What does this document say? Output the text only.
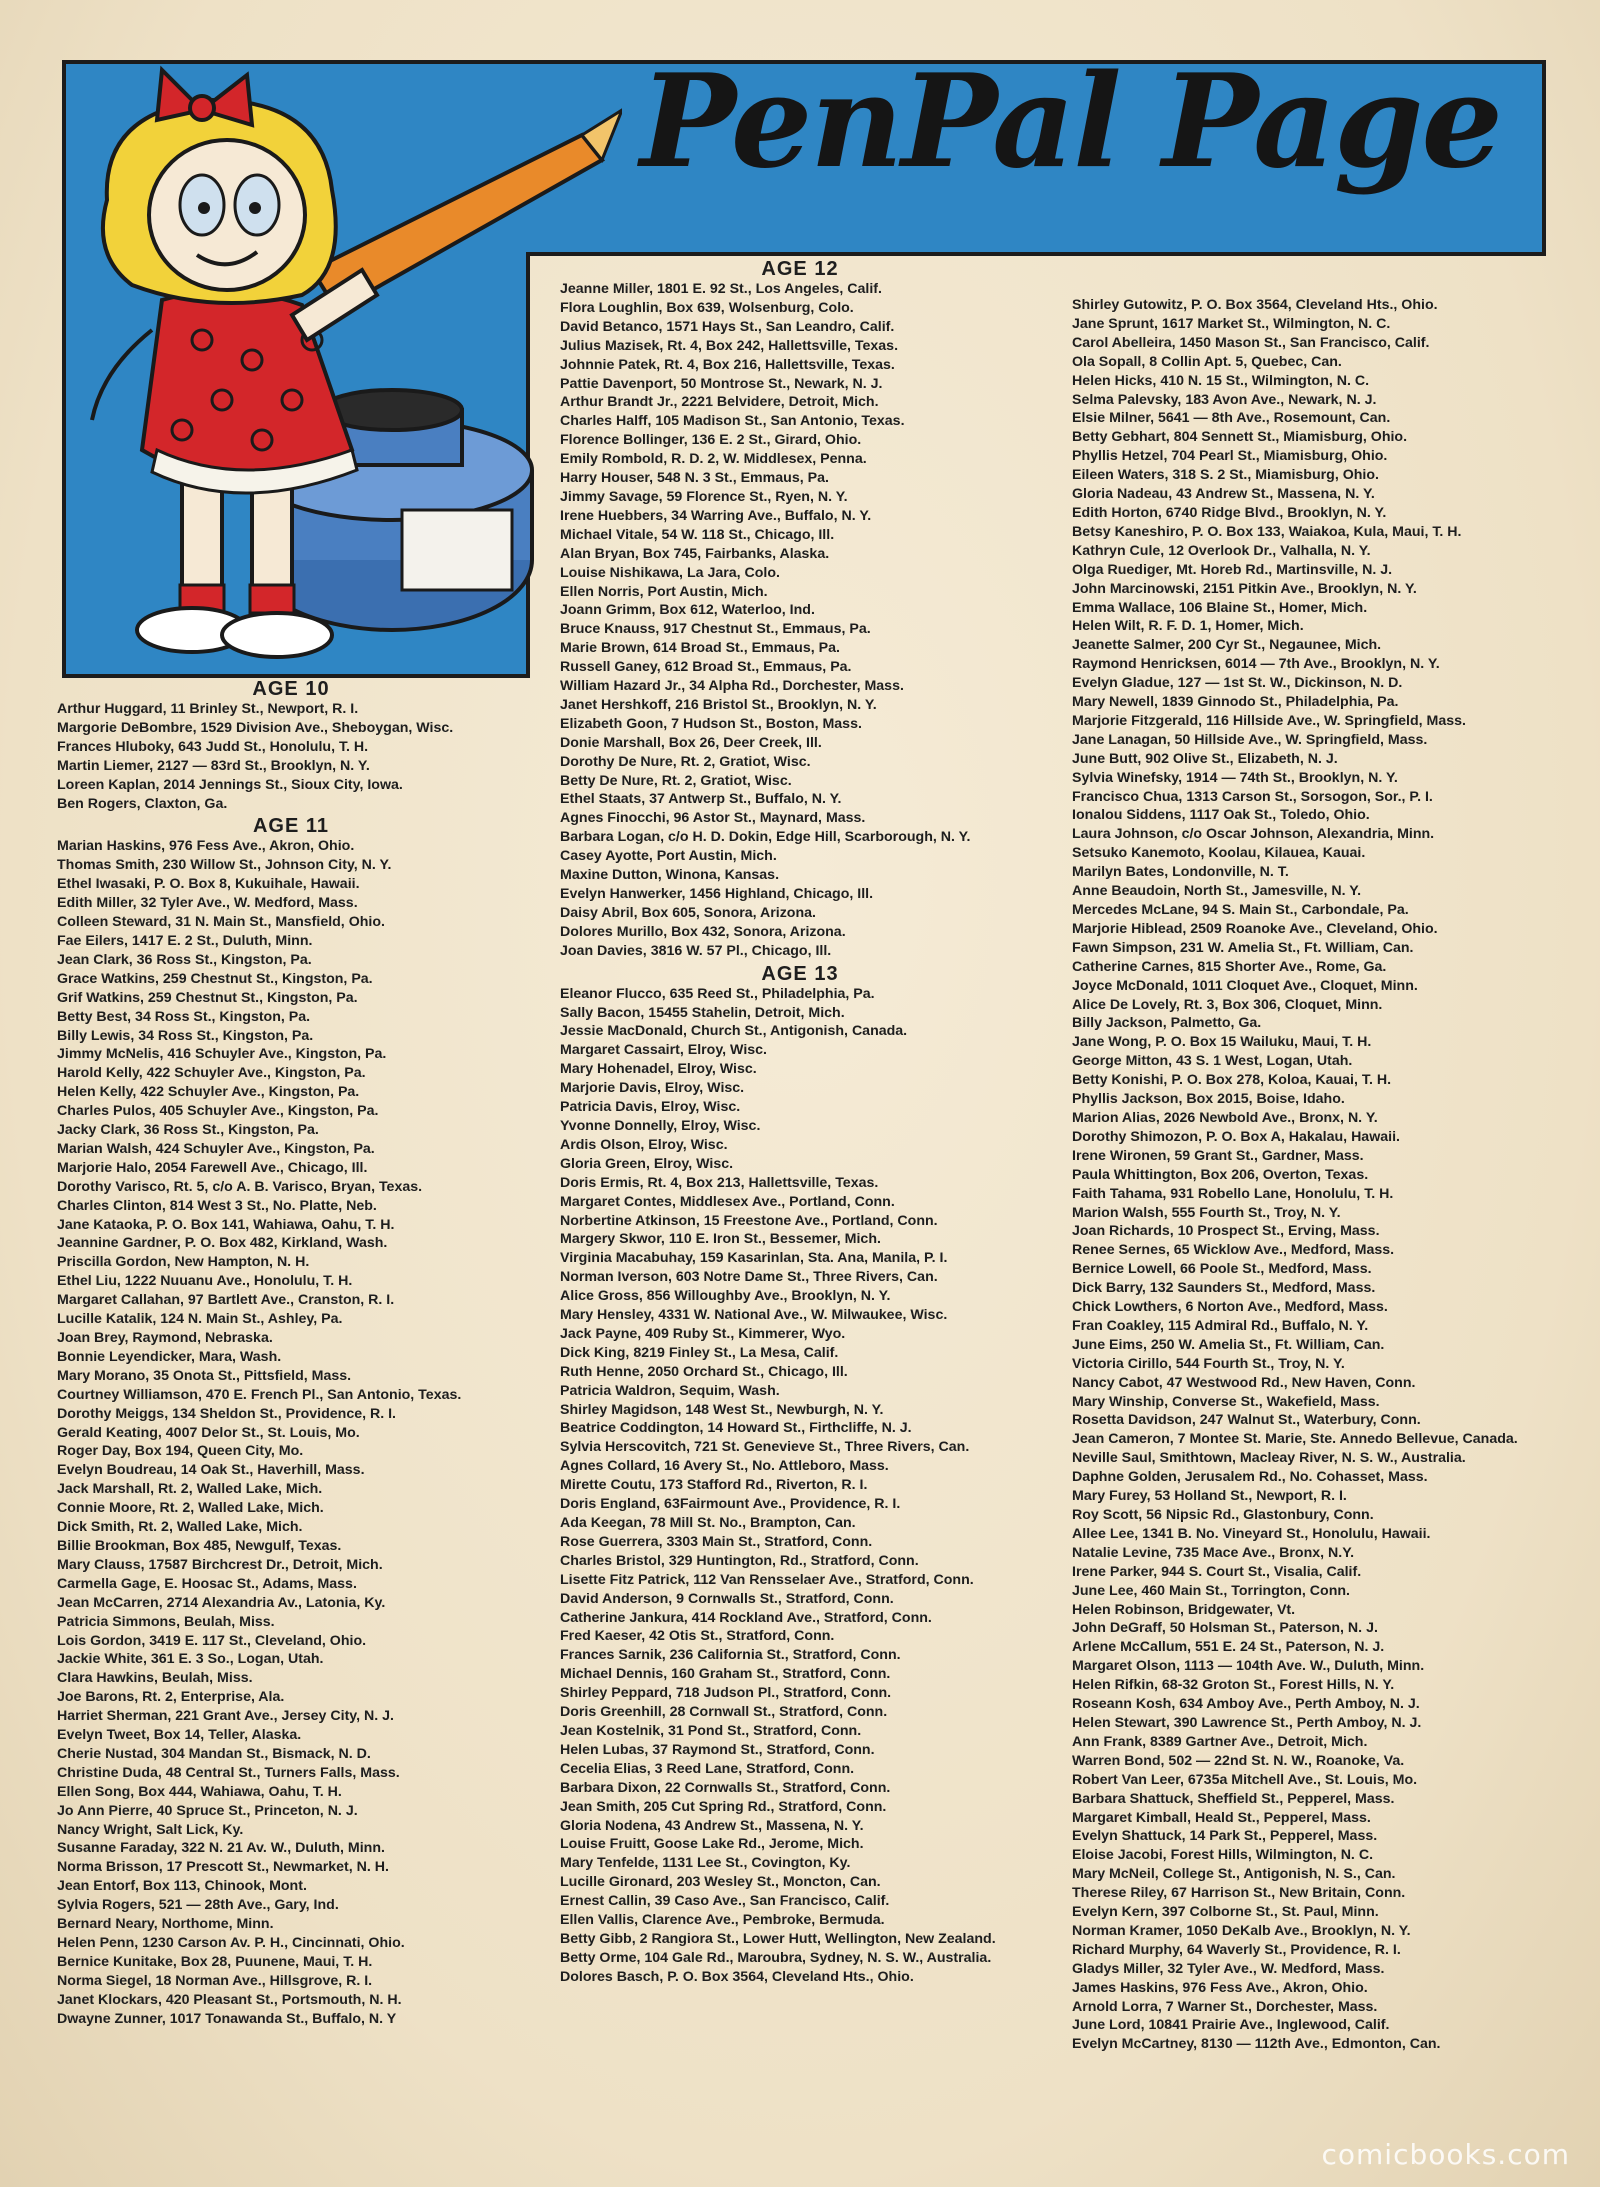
PenPal Page
AGE 10
Arthur Huggard, 11 Brinley St., Newport, R. I.
Margorie DeBombre, 1529 Division Ave., Sheboygan, Wisc.
Frances Hluboky, 643 Judd St., Honolulu, T. H.
Martin Liemer, 2127 — 83rd St., Brooklyn, N. Y.
Loreen Kaplan, 2014 Jennings St., Sioux City, Iowa.
Ben Rogers, Claxton, Ga.
AGE 11
Marian Haskins, 976 Fess Ave., Akron, Ohio.
Thomas Smith, 230 Willow St., Johnson City, N. Y.
Ethel Iwasaki, P. O. Box 8, Kukuihale, Hawaii.
Edith Miller, 32 Tyler Ave., W. Medford, Mass.
Colleen Steward, 31 N. Main St., Mansfield, Ohio.
Fae Eilers, 1417 E. 2 St., Duluth, Minn.
Jean Clark, 36 Ross St., Kingston, Pa.
Grace Watkins, 259 Chestnut St., Kingston, Pa.
Grif Watkins, 259 Chestnut St., Kingston, Pa.
Betty Best, 34 Ross St., Kingston, Pa.
Billy Lewis, 34 Ross St., Kingston, Pa.
Jimmy McNelis, 416 Schuyler Ave., Kingston, Pa.
Harold Kelly, 422 Schuyler Ave., Kingston, Pa.
Helen Kelly, 422 Schuyler Ave., Kingston, Pa.
Charles Pulos, 405 Schuyler Ave., Kingston, Pa.
Jacky Clark, 36 Ross St., Kingston, Pa.
Marian Walsh, 424 Schuyler Ave., Kingston, Pa.
Marjorie Halo, 2054 Farewell Ave., Chicago, Ill.
Dorothy Varisco, Rt. 5, c/o A. B. Varisco, Bryan, Texas.
Charles Clinton, 814 West 3 St., No. Platte, Neb.
Jane Kataoka, P. O. Box 141, Wahiawa, Oahu, T. H.
Jeannine Gardner, P. O. Box 482, Kirkland, Wash.
Priscilla Gordon, New Hampton, N. H.
Ethel Liu, 1222 Nuuanu Ave., Honolulu, T. H.
Margaret Callahan, 97 Bartlett Ave., Cranston, R. I.
Lucille Katalik, 124 N. Main St., Ashley, Pa.
Joan Brey, Raymond, Nebraska.
Bonnie Leyendicker, Mara, Wash.
Mary Morano, 35 Onota St., Pittsfield, Mass.
Courtney Williamson, 470 E. French Pl., San Antonio, Texas.
Dorothy Meiggs, 134 Sheldon St., Providence, R. I.
Gerald Keating, 4007 Delor St., St. Louis, Mo.
Roger Day, Box 194, Queen City, Mo.
Evelyn Boudreau, 14 Oak St., Haverhill, Mass.
Jack Marshall, Rt. 2, Walled Lake, Mich.
Connie Moore, Rt. 2, Walled Lake, Mich.
Dick Smith, Rt. 2, Walled Lake, Mich.
Billie Brookman, Box 485, Newgulf, Texas.
Mary Clauss, 17587 Birchcrest Dr., Detroit, Mich.
Carmella Gage, E. Hoosac St., Adams, Mass.
Jean McCarren, 2714 Alexandria Av., Latonia, Ky.
Patricia Simmons, Beulah, Miss.
Lois Gordon, 3419 E. 117 St., Cleveland, Ohio.
Jackie White, 361 E. 3 So., Logan, Utah.
Clara Hawkins, Beulah, Miss.
Joe Barons, Rt. 2, Enterprise, Ala.
Harriet Sherman, 221 Grant Ave., Jersey City, N. J.
Evelyn Tweet, Box 14, Teller, Alaska.
Cherie Nustad, 304 Mandan St., Bismack, N. D.
Christine Duda, 48 Central St., Turners Falls, Mass.
Ellen Song, Box 444, Wahiawa, Oahu, T. H.
Jo Ann Pierre, 40 Spruce St., Princeton, N. J.
Nancy Wright, Salt Lick, Ky.
Susanne Faraday, 322 N. 21 Av. W., Duluth, Minn.
Norma Brisson, 17 Prescott St., Newmarket, N. H.
Jean Entorf, Box 113, Chinook, Mont.
Sylvia Rogers, 521 — 28th Ave., Gary, Ind.
Bernard Neary, Northome, Minn.
Helen Penn, 1230 Carson Av. P. H., Cincinnati, Ohio.
Bernice Kunitake, Box 28, Puunene, Maui, T. H.
Norma Siegel, 18 Norman Ave., Hillsgrove, R. I.
Janet Klockars, 420 Pleasant St., Portsmouth, N. H.
Dwayne Zunner, 1017 Tonawanda St., Buffalo, N. Y
AGE 12
Jeanne Miller, 1801 E. 92 St., Los Angeles, Calif.
Flora Loughlin, Box 639, Wolsenburg, Colo.
David Betanco, 1571 Hays St., San Leandro, Calif.
Julius Mazisek, Rt. 4, Box 242, Hallettsville, Texas.
Johnnie Patek, Rt. 4, Box 216, Hallettsville, Texas.
Pattie Davenport, 50 Montrose St., Newark, N. J.
Arthur Brandt Jr., 2221 Belvidere, Detroit, Mich.
Charles Halff, 105 Madison St., San Antonio, Texas.
Florence Bollinger, 136 E. 2 St., Girard, Ohio.
Emily Rombold, R. D. 2, W. Middlesex, Penna.
Harry Houser, 548 N. 3 St., Emmaus, Pa.
Jimmy Savage, 59 Florence St., Ryen, N. Y.
Irene Huebbers, 34 Warring Ave., Buffalo, N. Y.
Michael Vitale, 54 W. 118 St., Chicago, Ill.
Alan Bryan, Box 745, Fairbanks, Alaska.
Louise Nishikawa, La Jara, Colo.
Ellen Norris, Port Austin, Mich.
Joann Grimm, Box 612, Waterloo, Ind.
Bruce Knauss, 917 Chestnut St., Emmaus, Pa.
Marie Brown, 614 Broad St., Emmaus, Pa.
Russell Ganey, 612 Broad St., Emmaus, Pa.
William Hazard Jr., 34 Alpha Rd., Dorchester, Mass.
Janet Hershkoff, 216 Bristol St., Brooklyn, N. Y.
Elizabeth Goon, 7 Hudson St., Boston, Mass.
Donie Marshall, Box 26, Deer Creek, Ill.
Dorothy De Nure, Rt. 2, Gratiot, Wisc.
Betty De Nure, Rt. 2, Gratiot, Wisc.
Ethel Staats, 37 Antwerp St., Buffalo, N. Y.
Agnes Finocchi, 96 Astor St., Maynard, Mass.
Barbara Logan, c/o H. D. Dokin, Edge Hill, Scarborough, N. Y.
Casey Ayotte, Port Austin, Mich.
Maxine Dutton, Winona, Kansas.
Evelyn Hanwerker, 1456 Highland, Chicago, Ill.
Daisy Abril, Box 605, Sonora, Arizona.
Dolores Murillo, Box 432, Sonora, Arizona.
Joan Davies, 3816 W. 57 Pl., Chicago, Ill.
AGE 13
Eleanor Flucco, 635 Reed St., Philadelphia, Pa.
Sally Bacon, 15455 Stahelin, Detroit, Mich.
Jessie MacDonald, Church St., Antigonish, Canada.
Margaret Cassairt, Elroy, Wisc.
Mary Hohenadel, Elroy, Wisc.
Marjorie Davis, Elroy, Wisc.
Patricia Davis, Elroy, Wisc.
Yvonne Donnelly, Elroy, Wisc.
Ardis Olson, Elroy, Wisc.
Gloria Green, Elroy, Wisc.
Doris Ermis, Rt. 4, Box 213, Hallettsville, Texas.
Margaret Contes, Middlesex Ave., Portland, Conn.
Norbertine Atkinson, 15 Freestone Ave., Portland, Conn.
Margery Skwor, 110 E. Iron St., Bessemer, Mich.
Virginia Macabuhay, 159 Kasarinlan, Sta. Ana, Manila, P. I.
Norman Iverson, 603 Notre Dame St., Three Rivers, Can.
Alice Gross, 856 Willoughby Ave., Brooklyn, N. Y.
Mary Hensley, 4331 W. National Ave., W. Milwaukee, Wisc.
Jack Payne, 409 Ruby St., Kimmerer, Wyo.
Dick King, 8219 Finley St., La Mesa, Calif.
Ruth Henne, 2050 Orchard St., Chicago, Ill.
Patricia Waldron, Sequim, Wash.
Shirley Magidson, 148 West St., Newburgh, N. Y.
Beatrice Coddington, 14 Howard St., Firthcliffe, N. J.
Sylvia Herscovitch, 721 St. Genevieve St., Three Rivers, Can.
Agnes Collard, 16 Avery St., No. Attleboro, Mass.
Mirette Coutu, 173 Stafford Rd., Riverton, R. I.
Doris England, 63Fairmount Ave., Providence, R. I.
Ada Keegan, 78 Mill St. No., Brampton, Can.
Rose Guerrera, 3303 Main St., Stratford, Conn.
Charles Bristol, 329 Huntington, Rd., Stratford, Conn.
Lisette Fitz Patrick, 112 Van Rensselaer Ave., Stratford, Conn.
David Anderson, 9 Cornwalls St., Stratford, Conn.
Catherine Jankura, 414 Rockland Ave., Stratford, Conn.
Fred Kaeser, 42 Otis St., Stratford, Conn.
Frances Sarnik, 236 California St., Stratford, Conn.
Michael Dennis, 160 Graham St., Stratford, Conn.
Shirley Peppard, 718 Judson Pl., Stratford, Conn.
Doris Greenhill, 28 Cornwall St., Stratford, Conn.
Jean Kostelnik, 31 Pond St., Stratford, Conn.
Helen Lubas, 37 Raymond St., Stratford, Conn.
Cecelia Elias, 3 Reed Lane, Stratford, Conn.
Barbara Dixon, 22 Cornwalls St., Stratford, Conn.
Jean Smith, 205 Cut Spring Rd., Stratford, Conn.
Gloria Nodena, 43 Andrew St., Massena, N. Y.
Louise Fruitt, Goose Lake Rd., Jerome, Mich.
Mary Tenfelde, 1131 Lee St., Covington, Ky.
Lucille Gironard, 203 Wesley St., Moncton, Can.
Ernest Callin, 39 Caso Ave., San Francisco, Calif.
Ellen Vallis, Clarence Ave., Pembroke, Bermuda.
Betty Gibb, 2 Rangiora St., Lower Hutt, Wellington, New Zealand.
Betty Orme, 104 Gale Rd., Maroubra, Sydney, N. S. W., Australia.
Dolores Basch, P. O. Box 3564, Cleveland Hts., Ohio.
Shirley Gutowitz, P. O. Box 3564, Cleveland Hts., Ohio.
Jane Sprunt, 1617 Market St., Wilmington, N. C.
Carol Abelleira, 1450 Mason St., San Francisco, Calif.
Ola Sopall, 8 Collin Apt. 5, Quebec, Can.
Helen Hicks, 410 N. 15 St., Wilmington, N. C.
Selma Palevsky, 183 Avon Ave., Newark, N. J.
Elsie Milner, 5641 — 8th Ave., Rosemount, Can.
Betty Gebhart, 804 Sennett St., Miamisburg, Ohio.
Phyllis Hetzel, 704 Pearl St., Miamisburg, Ohio.
Eileen Waters, 318 S. 2 St., Miamisburg, Ohio.
Gloria Nadeau, 43 Andrew St., Massena, N. Y.
Edith Horton, 6740 Ridge Blvd., Brooklyn, N. Y.
Betsy Kaneshiro, P. O. Box 133, Waiakoa, Kula, Maui, T. H.
Kathryn Cule, 12 Overlook Dr., Valhalla, N. Y.
Olga Ruediger, Mt. Horeb Rd., Martinsville, N. J.
John Marcinowski, 2151 Pitkin Ave., Brooklyn, N. Y.
Emma Wallace, 106 Blaine St., Homer, Mich.
Helen Wilt, R. F. D. 1, Homer, Mich.
Jeanette Salmer, 200 Cyr St., Negaunee, Mich.
Raymond Henricksen, 6014 — 7th Ave., Brooklyn, N. Y.
Evelyn Gladue, 127 — 1st St. W., Dickinson, N. D.
Mary Newell, 1839 Ginnodo St., Philadelphia, Pa.
Marjorie Fitzgerald, 116 Hillside Ave., W. Springfield, Mass.
Jane Lanagan, 50 Hillside Ave., W. Springfield, Mass.
June Butt, 902 Olive St., Elizabeth, N. J.
Sylvia Winefsky, 1914 — 74th St., Brooklyn, N. Y.
Francisco Chua, 1313 Carson St., Sorsogon, Sor., P. I.
Ionalou Siddens, 1117 Oak St., Toledo, Ohio.
Laura Johnson, c/o Oscar Johnson, Alexandria, Minn.
Setsuko Kanemoto, Koolau, Kilauea, Kauai.
Marilyn Bates, Londonville, N. T.
Anne Beaudoin, North St., Jamesville, N. Y.
Mercedes McLane, 94 S. Main St., Carbondale, Pa.
Marjorie Hiblead, 2509 Roanoke Ave., Cleveland, Ohio.
Fawn Simpson, 231 W. Amelia St., Ft. William, Can.
Catherine Carnes, 815 Shorter Ave., Rome, Ga.
Joyce McDonald, 1011 Cloquet Ave., Cloquet, Minn.
Alice De Lovely, Rt. 3, Box 306, Cloquet, Minn.
Billy Jackson, Palmetto, Ga.
Jane Wong, P. O. Box 15 Wailuku, Maui, T. H.
George Mitton, 43 S. 1 West, Logan, Utah.
Betty Konishi, P. O. Box 278, Koloa, Kauai, T. H.
Phyllis Jackson, Box 2015, Boise, Idaho.
Marion Alias, 2026 Newbold Ave., Bronx, N. Y.
Dorothy Shimozon, P. O. Box A, Hakalau, Hawaii.
Irene Wironen, 59 Grant St., Gardner, Mass.
Paula Whittington, Box 206, Overton, Texas.
Faith Tahama, 931 Robello Lane, Honolulu, T. H.
Marion Walsh, 555 Fourth St., Troy, N. Y.
Joan Richards, 10 Prospect St., Erving, Mass.
Renee Sernes, 65 Wicklow Ave., Medford, Mass.
Bernice Lowell, 66 Poole St., Medford, Mass.
Dick Barry, 132 Saunders St., Medford, Mass.
Chick Lowthers, 6 Norton Ave., Medford, Mass.
Fran Coakley, 115 Admiral Rd., Buffalo, N. Y.
June Eims, 250 W. Amelia St., Ft. William, Can.
Victoria Cirillo, 544 Fourth St., Troy, N. Y.
Nancy Cabot, 47 Westwood Rd., New Haven, Conn.
Mary Winship, Converse St., Wakefield, Mass.
Rosetta Davidson, 247 Walnut St., Waterbury, Conn.
Jean Cameron, 7 Montee St. Marie, Ste. Annedo Bellevue, Canada.
Neville Saul, Smithtown, Macleay River, N. S. W., Australia.
Daphne Golden, Jerusalem Rd., No. Cohasset, Mass.
Mary Furey, 53 Holland St., Newport, R. I.
Roy Scott, 56 Nipsic Rd., Glastonbury, Conn.
Allee Lee, 1341 B. No. Vineyard St., Honolulu, Hawaii.
Natalie Levine, 735 Mace Ave., Bronx, N.Y.
Irene Parker, 944 S. Court St., Visalia, Calif.
June Lee, 460 Main St., Torrington, Conn.
Helen Robinson, Bridgewater, Vt.
John DeGraff, 50 Holsman St., Paterson, N. J.
Arlene McCallum, 551 E. 24 St., Paterson, N. J.
Margaret Olson, 1113 — 104th Ave. W., Duluth, Minn.
Helen Rifkin, 68-32 Groton St., Forest Hills, N. Y.
Roseann Kosh, 634 Amboy Ave., Perth Amboy, N. J.
Helen Stewart, 390 Lawrence St., Perth Amboy, N. J.
Ann Frank, 8389 Gartner Ave., Detroit, Mich.
Warren Bond, 502 — 22nd St. N. W., Roanoke, Va.
Robert Van Leer, 6735a Mitchell Ave., St. Louis, Mo.
Barbara Shattuck, Sheffield St., Pepperel, Mass.
Margaret Kimball, Heald St., Pepperel, Mass.
Evelyn Shattuck, 14 Park St., Pepperel, Mass.
Eloise Jacobi, Forest Hills, Wilmington, N. C.
Mary McNeil, College St., Antigonish, N. S., Can.
Therese Riley, 67 Harrison St., New Britain, Conn.
Evelyn Kern, 397 Colborne St., St. Paul, Minn.
Norman Kramer, 1050 DeKalb Ave., Brooklyn, N. Y.
Richard Murphy, 64 Waverly St., Providence, R. I.
Gladys Miller, 32 Tyler Ave., W. Medford, Mass.
James Haskins, 976 Fess Ave., Akron, Ohio.
Arnold Lorra, 7 Warner St., Dorchester, Mass.
June Lord, 10841 Prairie Ave., Inglewood, Calif.
Evelyn McCartney, 8130 — 112th Ave., Edmonton, Can.
comicbooks.com
